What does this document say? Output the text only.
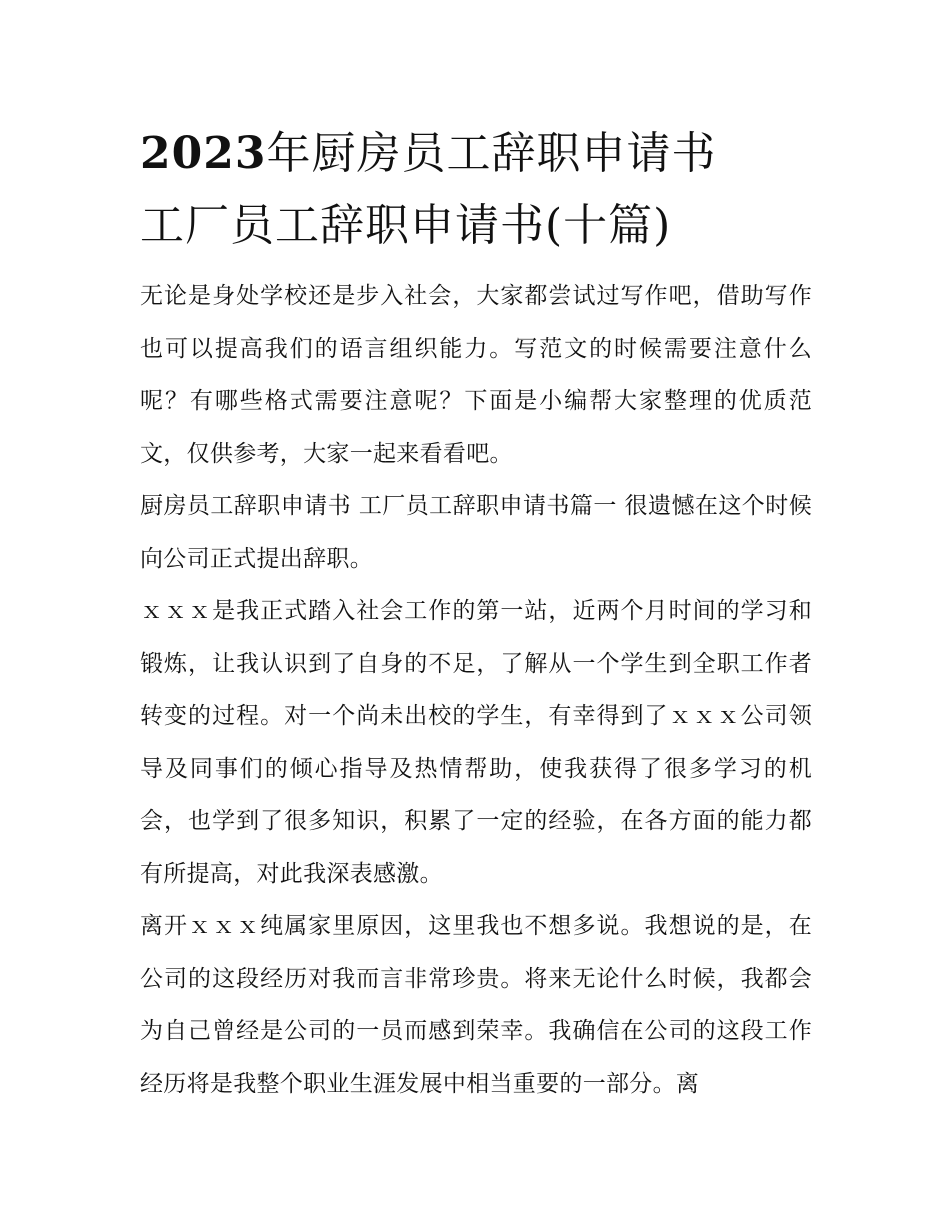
2023年厨房员工辞职申请书
工厂员工辞职申请书(十篇)

无论是身处学校还是步入社会，大家都尝试过写作吧，借助写作也可以提高我们的语言组织能力。写范文的时候需要注意什么呢？有哪些格式需要注意呢？下面是小编帮大家整理的优质范文，仅供参考，大家一起来看看吧。

厨房员工辞职申请书 工厂员工辞职申请书篇一 很遗憾在这个时候向公司正式提出辞职。

ｘｘｘ是我正式踏入社会工作的第一站，近两个月时间的学习和锻炼，让我认识到了自身的不足，了解从一个学生到全职工作者转变的过程。对一个尚未出校的学生，有幸得到了ｘｘｘ公司领导及同事们的倾心指导及热情帮助，使我获得了很多学习的机会，也学到了很多知识，积累了一定的经验，在各方面的能力都有所提高，对此我深表感激。

离开ｘｘｘ纯属家里原因，这里我也不想多说。我想说的是，在公司的这段经历对我而言非常珍贵。将来无论什么时候，我都会为自己曾经是公司的一员而感到荣幸。我确信在公司的这段工作经历将是我整个职业生涯发展中相当重要的一部分。离
